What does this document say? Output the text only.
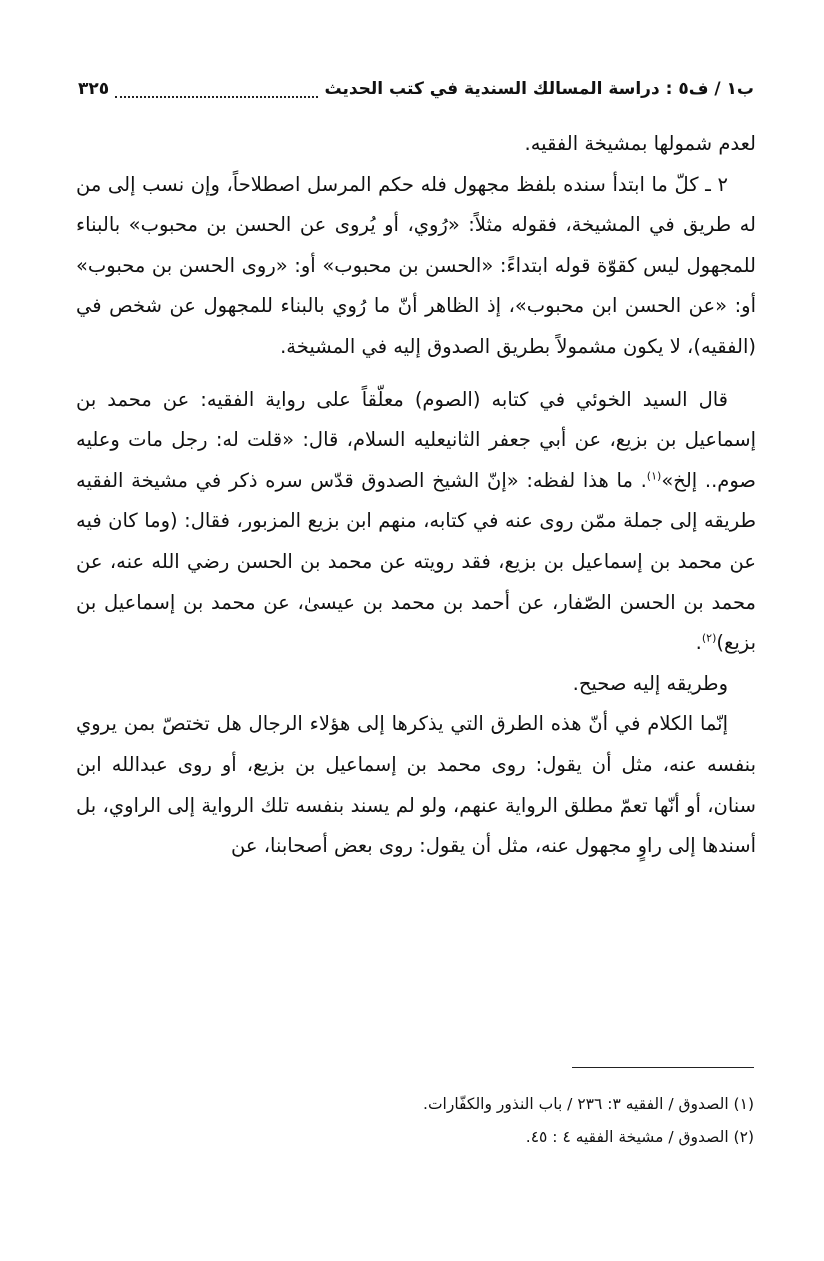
ب١ / ف٥ : دراسة المسالك السندية في كتب الحديث
٣٢٥

لعدم شمولها بمشيخة الفقيه.

٢ ـ كلّ ما ابتدأ سنده بلفظ مجهول فله حكم المرسل اصطلاحاً، وإن نسب إلى من له طريق في المشيخة، فقوله مثلاً: «رُوي، أو يُروى عن الحسن بن محبوب» بالبناء للمجهول ليس كقوّة قوله ابتداءً: «الحسن بن محبوب» أو: «روى الحسن بن محبوب» أو: «عن الحسن ابن محبوب»، إذ الظاهر أنّ ما رُوي بالبناء للمجهول عن شخص في (الفقيه)، لا يكون مشمولاً بطريق الصدوق إليه في المشيخة.

قال السيد الخوئي في كتابه (الصوم) معلّقاً على رواية الفقيه: عن محمد بن إسماعيل بن بزيع، عن أبي جعفر الثانيعليه السلام، قال: «قلت له: رجل مات وعليه صوم.. إلخ»$^{(١)}$. ما هذا لفظه: «إنّ الشيخ الصدوق قدّس سره ذكر في مشيخة الفقيه طريقه إلى جملة ممّن روى عنه في كتابه، منهم ابن بزيع المزبور، فقال: (وما كان فيه عن محمد بن إسماعيل بن بزيع، فقد رويته عن محمد بن الحسن رضي الله عنه، عن محمد بن الحسن الصّفار، عن أحمد بن محمد بن عيسىٰ، عن محمد بن إسماعيل بن بزيع)$^{(٢)}$.

وطريقه إليه صحيح.

إنّما الكلام في أنّ هذه الطرق التي يذكرها إلى هؤلاء الرجال هل تختصّ بمن يروي بنفسه عنه، مثل أن يقول: روى محمد بن إسماعيل بن بزيع، أو روى عبدالله ابن سنان، أو أنّها تعمّ مطلق الرواية عنهم، ولو لم يسند بنفسه تلك الرواية إلى الراوي، بل أسندها إلى راوٍ مجهول عنه، مثل أن يقول: روى بعض أصحابنا، عن

(١) الصدوق / الفقيه ٣: ٢٣٦ / باب النذور والكفّارات.

(٢) الصدوق / مشيخة الفقيه ٤ : ٤٥.
